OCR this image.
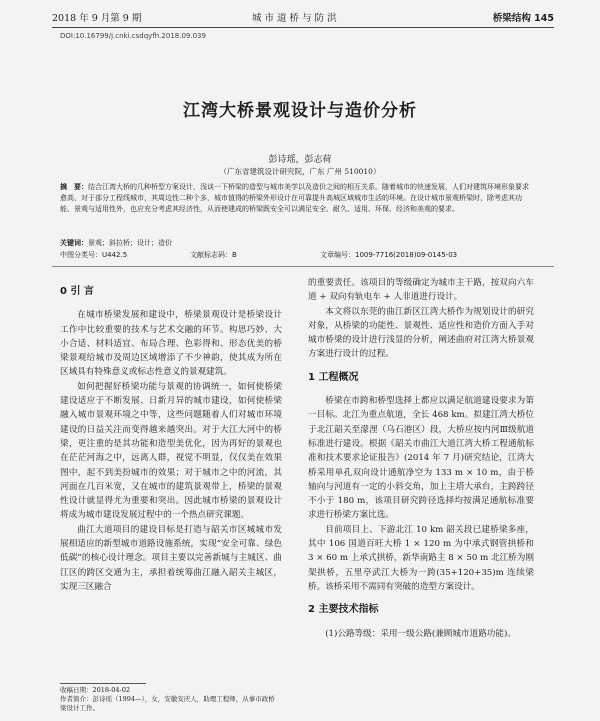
2018 年 9 月第 9 期	城 市 道 桥 与 防 洪	桥梁结构 145
DOI:10.16799/j.cnki.csdqyfh.2018.09.039
江湾大桥景观设计与造价分析
彭诗瑶，彭志荷
（广东省建筑设计研究院，广东 广州 510010）
摘　要：结合江湾大桥的几种桥型方案设计，浅谈一下桥梁的造型与城市美学以及造价之间的相互关系。随着城市的快速发展，人们对建筑环境形象要求愈高，对于部分工程线城市，其周边性二种个多，城市值得的桥梁外形设计在可靠提升高城区域城市生活的环境。在设计城市景观桥梁时，除考虑其功能、景观与适用性外，也应充分考虑其经济性，从而使建成的桥梁既安全可以满足安全、耐久、适用、环保、经济和美观的要求。
关键词：景观；斜拉桥；设计；造价
中图分类号：U442.5	文献标志码：B	文章编号：1009-7716(2018)09-0145-03
0 引 言

在城市桥梁发展和建设中，桥梁景观设计是桥梁设计工作中比较重要的技术与艺术交融的环节。构思巧妙、大小合适、材料适宜、布局合理、色彩得和、形态优美的桥梁景观给城市及周边区域增添了不少神韵，使其成为所在区域具有特殊意义或标志性意义的景观建筑。

如何把握好桥梁功能与景观的协调统一，如何使桥梁建设适应于不断发展、日新月异的城市建设，如何使桥梁融入城市景观环境之中等，这些问题随着人们对城市环境建设的日益关注而变得越来越突出。对于大江大河中的桥梁，更注重的是其功能和造型美优化，因为再好的景观也在茫茫河海之中，远离人群，视觉不明显，仅仅美在效果图中，起不到美扮城市的效果；对于城市之中的河流，其河面在几百米宽，又在城市的建筑景观带上，桥梁的景观性设计就显得尤为重要和突出。因此城市桥梁的景观设计将成为城市建设发展过程中的一个热点研究课题。

曲江大道项目的建设目标是打造与韶关市区城城市发展相适应的新型城市道路设施系统，实现“安全可靠、绿色低碳”的核心设计理念。项目主要以完善新城与主城区、曲江区的跨区交通为主，承担着统筹曲江融入韶关主城区，实现三区融合

收稿日期：2018-04-02
作者简介：彭诗瑶（1994—），女，安徽安庆人，助理工程师，从事市政桥梁设计工作。

的重要责任。该项目的等级确定为城市主干路，按双向六车道 + 双向有轨电车 + 人非道进行设计。

本文将以东莞的曲江新区江湾大桥作为规划设计的研究对象，从桥梁的功能性、景观性、适应性和造价方面入手对城市桥梁的设计进行浅显的分析，阐述曲府对江湾大桥景观方案进行设计的过程。

1 工程概况

桥梁在市跨和桥型选择上都应以满足航道建设要求为第一目标。北江为重点航道，全长 468 km。拟建江湾大桥位于北江韶关至濛浬（乌石港区）段，大桥应按内河Ⅲ级航道标准进行建设。根据《韶关市曲江大道江湾大桥工程通航标准和技术要求论证报告》(2014 年 7 月)研究结论，江湾大桥采用单孔双向设计通航净空为 133 m × 10 m，由于桥轴向与河道有一定的小斜交角，加上主塔大承台，主跨跨径不小于 180 m，该项目研究跨径选择均按满足通航标准要求进行桥梁方案比选。

目前项目上、下游北江 10 km 韶关段已建桥梁多座，其中 106 国道百旺大桥 1 × 120 m 为中承式钢管拱桥和 3 × 60 m 上承式拱桥，新华南路主 8 × 50 m 北江桥为刚架拱桥，五里亭武江大桥为一跨(35+120+35)m 连续梁桥。该桥采用不需同有突破的造型方案设计。

2 主要技术指标

(1)公路等级：采用一级公路(兼顾城市道路功能)。
